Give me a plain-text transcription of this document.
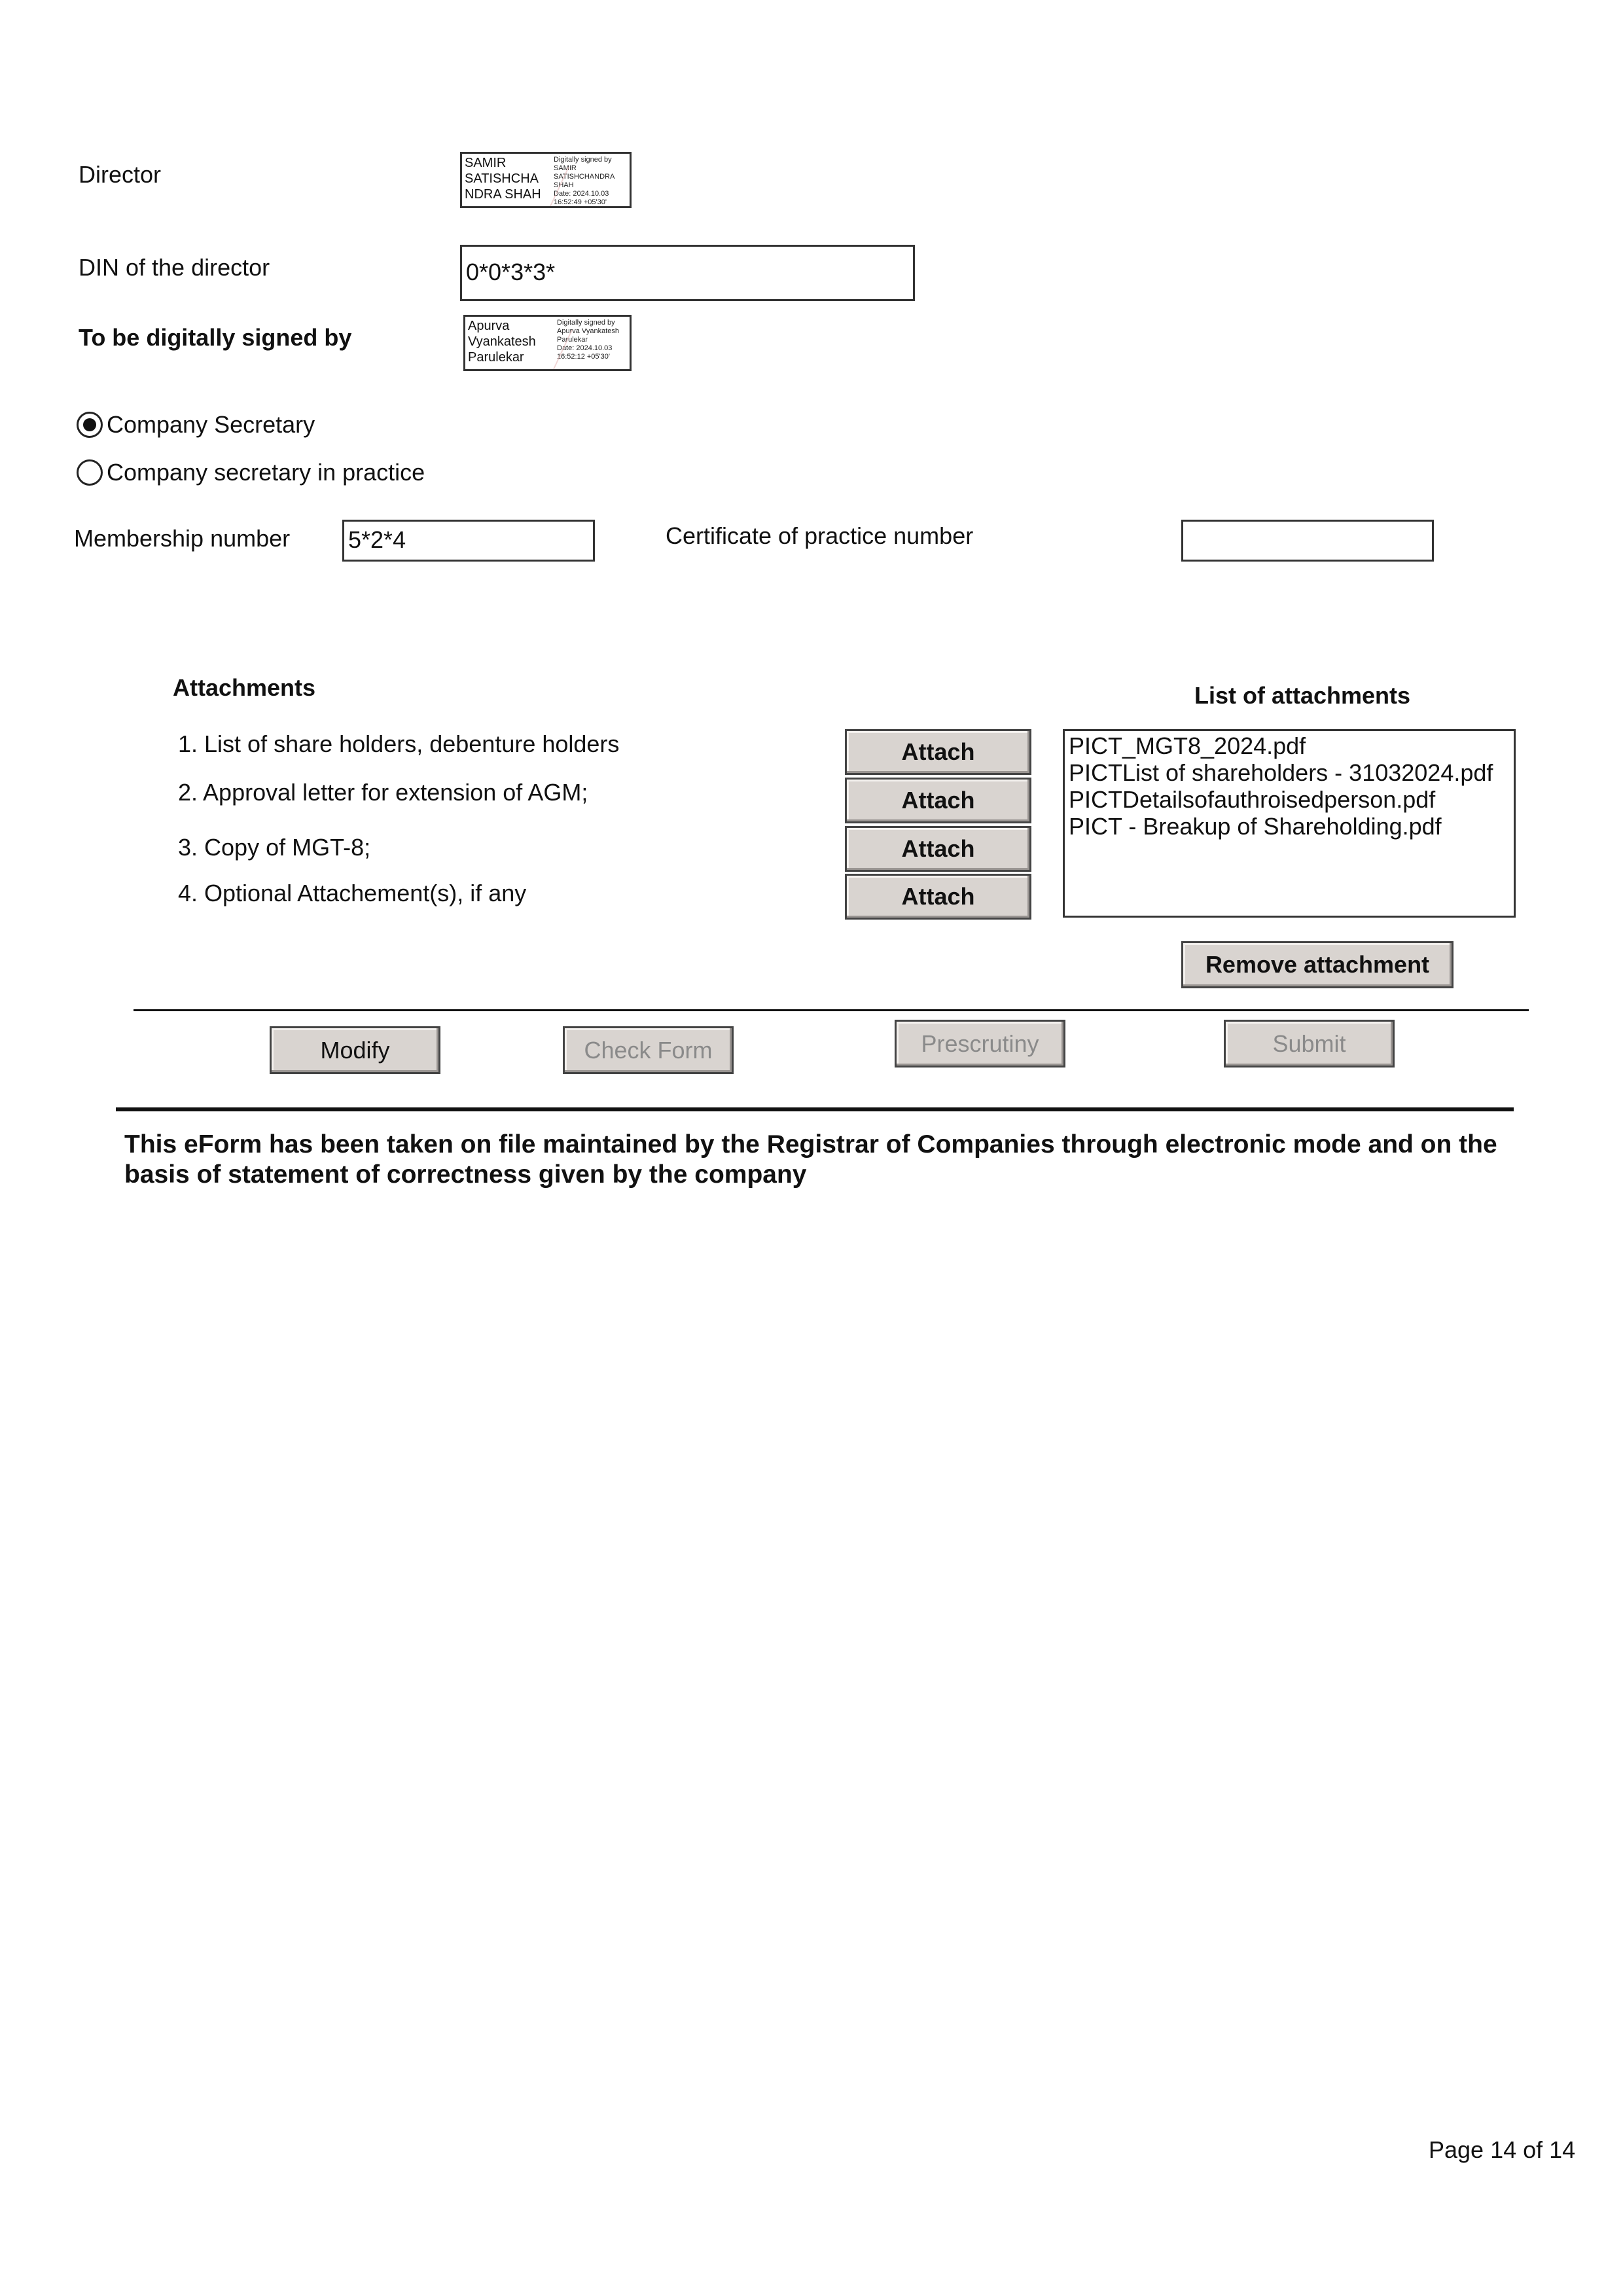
Director	SAMIR
SATISHCHA
NDRA SHAH
Digitally signed by
SAMIR
SATISHCHANDRA
SHAH
Date: 2024.10.03
16:52:49 +05'30'
DIN of the director	0*0*3*3*
To be digitally signed by	Apurva
Vyankatesh
Parulekar
Digitally signed by
Apurva Vyankatesh
Parulekar
Date: 2024.10.03
16:52:12 +05'30'
Company Secretary
Company secretary in practice
Membership number 5*2*4	Certificate of practice number
Attachments	List of attachments
1. List of share holders, debenture holders
2. Approval letter for extension of AGM;
3. Copy of MGT-8;
4. Optional Attachement(s), if any
Attach
Attach
Attach
Attach
PICT_MGT8_2024.pdf
PICTList of shareholders - 31032024.pdf
PICTDetailsofauthroisedperson.pdf
PICT - Breakup of Shareholding.pdf
Remove attachment
Modify	Check Form	Prescrutiny	Submit
This eForm has been taken on file maintained by the Registrar of Companies through electronic mode and on the basis of statement of correctness given by the company
Page 14 of 14
